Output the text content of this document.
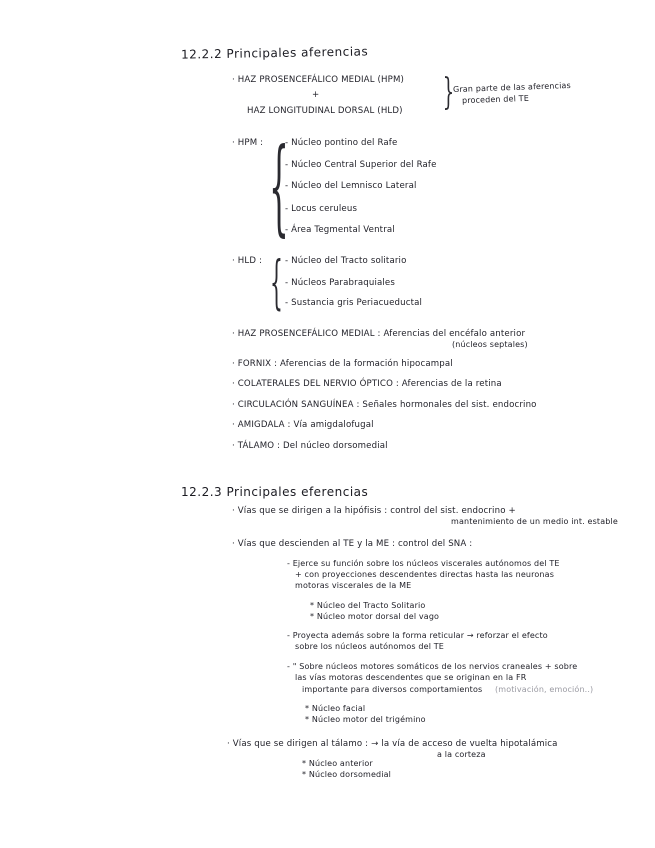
12.2.2 Principales aferencias
· HAZ PROSENCEFÁLICO MEDIAL (HPM)
+
HAZ LONGITUDINAL DORSAL (HLD) }
Gran parte de las aferencias
proceden del TE
· HPM : {
- Núcleo pontino del Rafe
- Núcleo Central Superior del Rafe
- Núcleo del Lemnisco Lateral
- Locus ceruleus
- Área Tegmental Ventral
· HLD : { - Núcleo del Tracto solitario
- Núcleos Parabraquiales
- Sustancia gris Periacueductal
· HAZ PROSENCEFÁLICO MEDIAL : Aferencias del encéfalo anterior
(núcleos septales)
· FORNIX : Aferencias de la formación hipocampal
· COLATERALES DEL NERVIO ÓPTICO : Aferencias de la retina
· CIRCULACIÓN SANGUÍNEA : Señales hormonales del sist. endocrino
· AMIGDALA : Vía amigdalofugal
· TÁLAMO : Del núcleo dorsomedial
12.2.3 Principales eferencias
· Vías que se dirigen a la hipófisis : control del sist. endocrino +
mantenimiento de un medio int. estable
· Vías que descienden al TE y la ME : control del SNA :
- Ejerce su función sobre los núcleos viscerales autónomos del TE
+ con proyecciones descendentes directas hasta las neuronas
motoras viscerales de la ME
* Núcleo del Tracto Solitario
* Núcleo motor dorsal del vago
- Proyecta además sobre la forma reticular → reforzar el efecto
sobre los núcleos autónomos del TE
- " Sobre núcleos motores somáticos de los nervios craneales + sobre
las vías motoras descendentes que se originan en la FR
importante para diversos comportamientos (motivación, emoción..)
* Núcleo facial
* Núcleo motor del trigémino
· Vías que se dirigen al tálamo : → la vía de acceso de vuelta hipotalámica
a la corteza
* Núcleo anterior
* Núcleo dorsomedial
